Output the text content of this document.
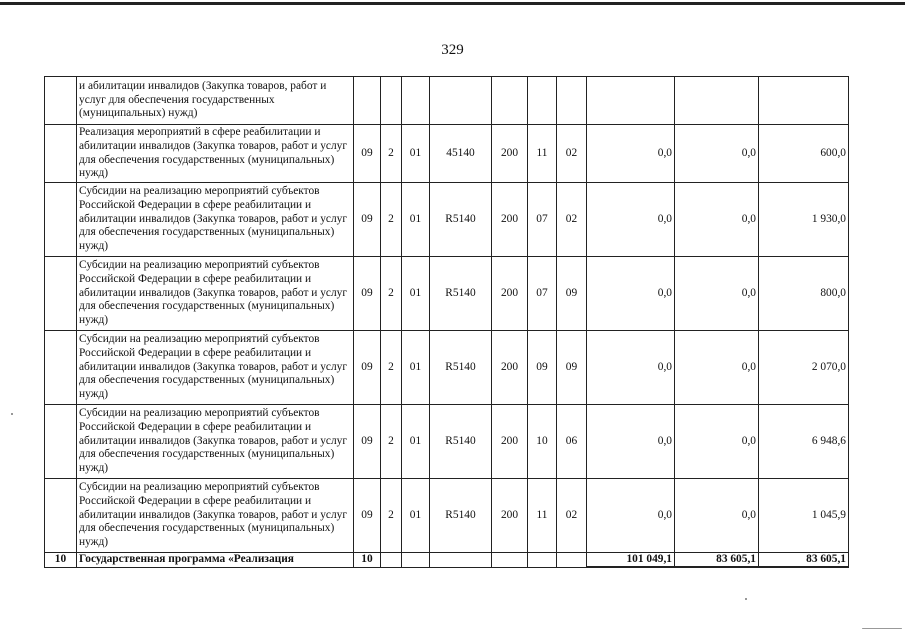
329
	и абилитации инвалидов (Закупка товаров, работ и услуг для обеспечения государственных (муниципальных) нужд)										
	Реализация мероприятий в сфере реабилитации и абилитации инвалидов (Закупка товаров, работ и услуг для обеспечения государственных (муниципальных) нужд)	09	2	01	45140	200	11	02	0,0	0,0	600,0
	Субсидии на реализацию мероприятий субъектов Российской Федерации в сфере реабилитации и абилитации инвалидов (Закупка товаров, работ и услуг для обеспечения государственных (муниципальных) нужд)	09	2	01	R5140	200	07	02	0,0	0,0	1 930,0
	Субсидии на реализацию мероприятий субъектов Российской Федерации в сфере реабилитации и абилитации инвалидов (Закупка товаров, работ и услуг для обеспечения государственных (муниципальных) нужд)	09	2	01	R5140	200	07	09	0,0	0,0	800,0
	Субсидии на реализацию мероприятий субъектов Российской Федерации в сфере реабилитации и абилитации инвалидов (Закупка товаров, работ и услуг для обеспечения государственных (муниципальных) нужд)	09	2	01	R5140	200	09	09	0,0	0,0	2 070,0
	Субсидии на реализацию мероприятий субъектов Российской Федерации в сфере реабилитации и абилитации инвалидов (Закупка товаров, работ и услуг для обеспечения государственных (муниципальных) нужд)	09	2	01	R5140	200	10	06	0,0	0,0	6 948,6
	Субсидии на реализацию мероприятий субъектов Российской Федерации в сфере реабилитации и абилитации инвалидов (Закупка товаров, работ и услуг для обеспечения государственных (муниципальных) нужд)	09	2	01	R5140	200	11	02	0,0	0,0	1 045,9
10	Государственная программа «Реализация	10							101 049,1	83 605,1	83 605,1
